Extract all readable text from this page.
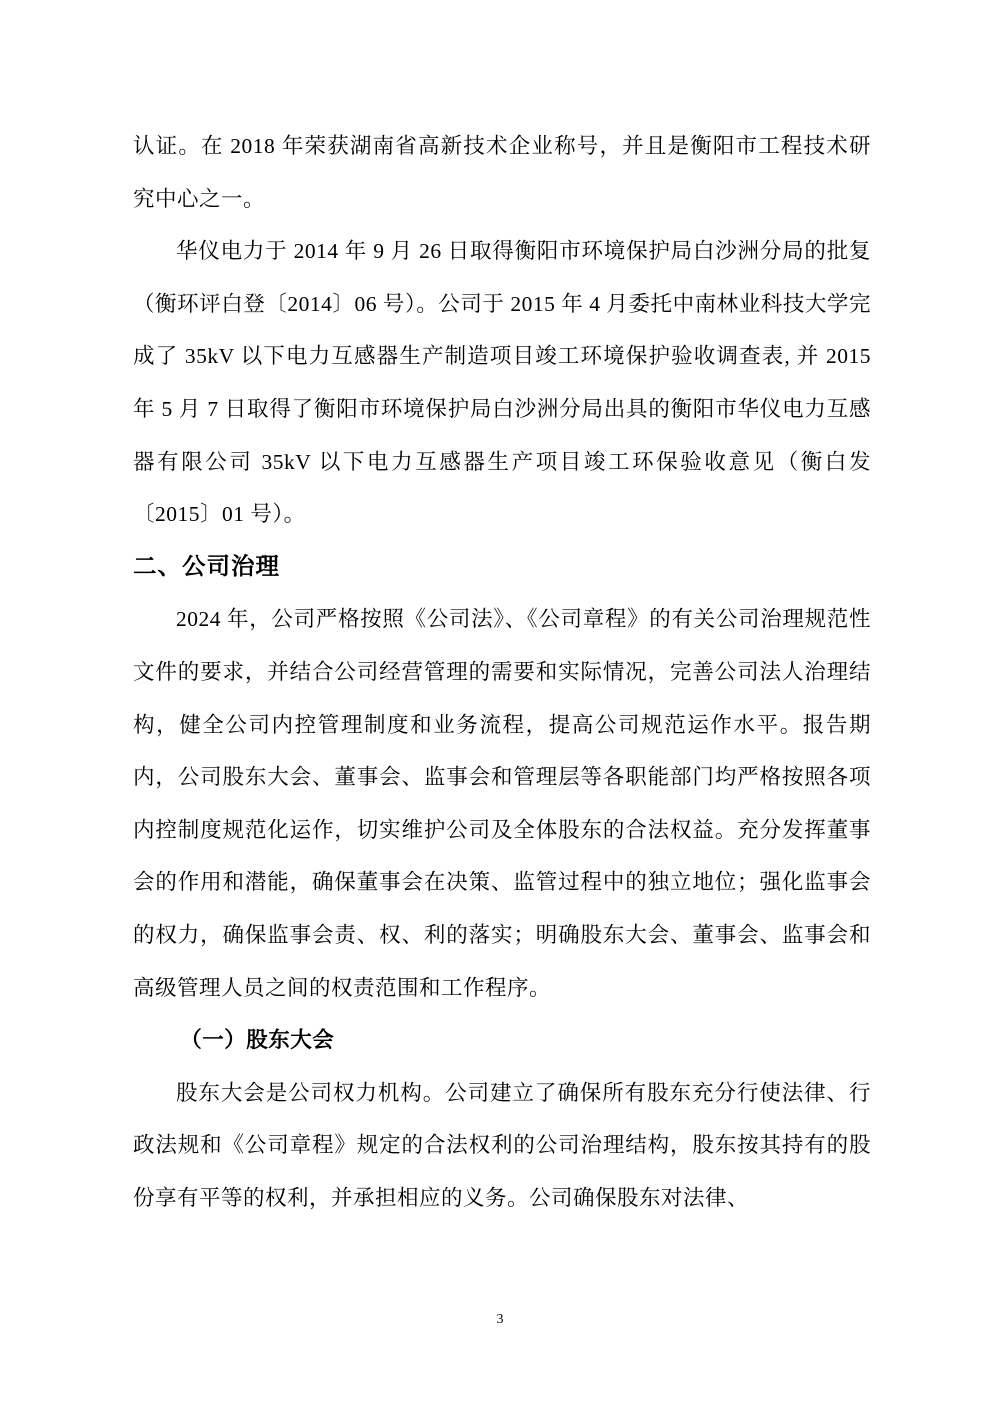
认证。在 2018 年荣获湖南省高新技术企业称号，并且是衡阳市工程技术研究中心之一。

华仪电力于 2014 年 9 月 26 日取得衡阳市环境保护局白沙洲分局的批复（衡环评白登〔2014〕06 号）。公司于 2015 年 4 月委托中南林业科技大学完成了 35kV 以下电力互感器生产制造项目竣工环境保护验收调查表, 并 2015 年 5 月 7 日取得了衡阳市环境保护局白沙洲分局出具的衡阳市华仪电力互感器有限公司 35kV 以下电力互感器生产项目竣工环保验收意见（衡白发〔2015〕01 号）。

二、公司治理

2024 年，公司严格按照《公司法》、《公司章程》的有关公司治理规范性文件的要求，并结合公司经营管理的需要和实际情况，完善公司法人治理结构，健全公司内控管理制度和业务流程，提高公司规范运作水平。报告期内，公司股东大会、董事会、监事会和管理层等各职能部门均严格按照各项内控制度规范化运作，切实维护公司及全体股东的合法权益。充分发挥董事会的作用和潜能，确保董事会在决策、监管过程中的独立地位；强化监事会的权力，确保监事会责、权、利的落实；明确股东大会、董事会、监事会和高级管理人员之间的权责范围和工作程序。

（一）股东大会

股东大会是公司权力机构。公司建立了确保所有股东充分行使法律、行政法规和《公司章程》规定的合法权利的公司治理结构，股东按其持有的股份享有平等的权利，并承担相应的义务。公司确保股东对法律、

3
